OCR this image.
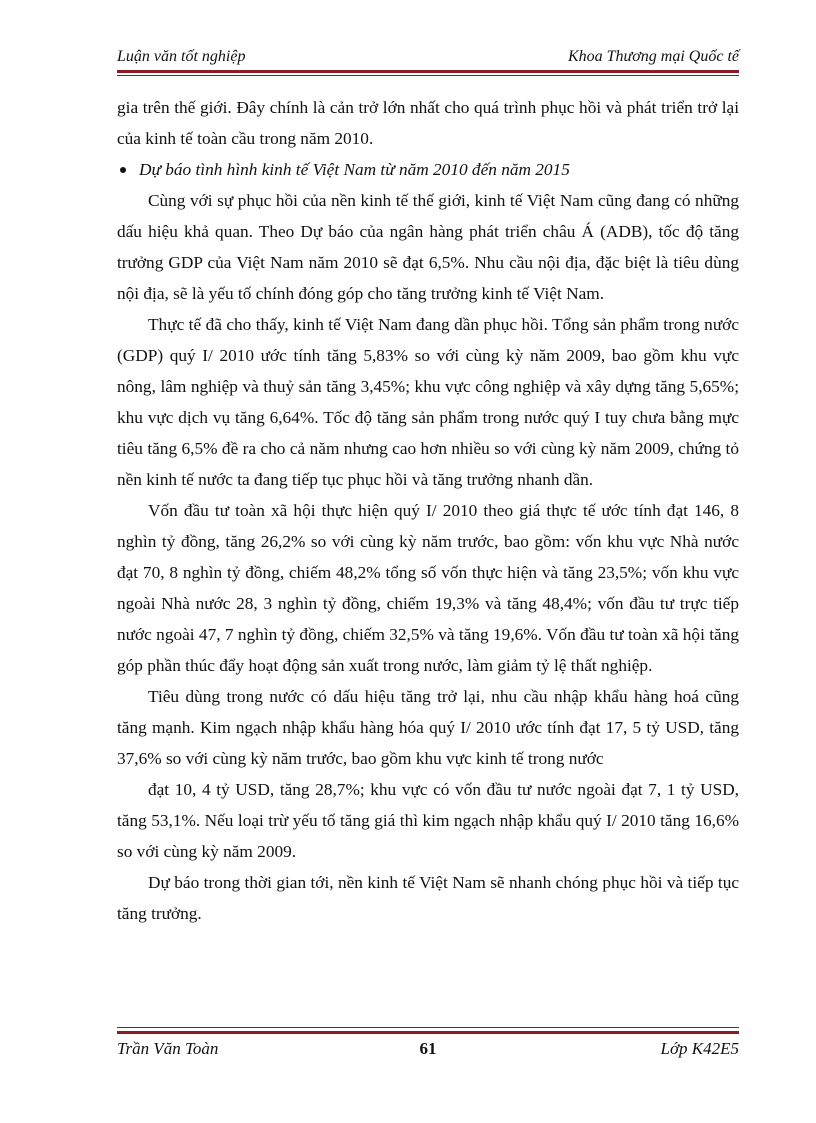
Luận văn tốt nghiệp	Khoa Thương mại Quốc tế

gia trên thế giới. Đây chính là cản trở lớn nhất cho quá trình phục hồi và phát triển trở lại của kinh tế toàn cầu trong năm 2010.

Dự báo tình hình kinh tế Việt Nam từ năm 2010 đến năm 2015

Cùng với sự phục hồi của nền kinh tế thế giới, kinh tế Việt Nam cũng đang có những dấu hiệu khả quan. Theo Dự báo của ngân hàng phát triển châu Á (ADB), tốc độ tăng trưởng GDP của Việt Nam năm 2010 sẽ đạt 6,5%. Nhu cầu nội địa, đặc biệt là tiêu dùng nội địa, sẽ là yếu tố chính đóng góp cho tăng trưởng kinh tế Việt Nam.

Thực tế đã cho thấy, kinh tế Việt Nam đang dần phục hồi. Tổng sản phẩm trong nước (GDP) quý I/ 2010 ước tính tăng 5,83% so với cùng kỳ năm 2009, bao gồm khu vực nông, lâm nghiệp và thuỷ sản tăng 3,45%; khu vực công nghiệp và xây dựng tăng 5,65%; khu vực dịch vụ tăng 6,64%. Tốc độ tăng sản phẩm trong nước quý I tuy chưa bằng mực tiêu tăng 6,5% đề ra cho cả năm nhưng cao hơn nhiều so với cùng kỳ năm 2009, chứng tỏ nền kinh tế nước ta đang tiếp tục phục hồi và tăng trưởng nhanh dần.

Vốn đầu tư toàn xã hội thực hiện quý I/ 2010 theo giá thực tế ước tính đạt 146, 8 nghìn tỷ đồng, tăng 26,2% so với cùng kỳ năm trước, bao gồm: vốn khu vực Nhà nước đạt 70, 8 nghìn tỷ đồng, chiếm 48,2% tổng số vốn thực hiện và tăng 23,5%; vốn khu vực ngoài Nhà nước 28, 3 nghìn tỷ đồng, chiếm 19,3% và tăng 48,4%; vốn đầu tư trực tiếp nước ngoài 47, 7 nghìn tỷ đồng, chiếm 32,5% và tăng 19,6%. Vốn đầu tư toàn xã hội tăng góp phần thúc đẩy hoạt động sản xuất trong nước, làm giảm tỷ lệ thất nghiệp.

Tiêu dùng trong nước có dấu hiệu tăng trở lại, nhu cầu nhập khẩu hàng hoá cũng tăng mạnh. Kim ngạch nhập khẩu hàng hóa quý I/ 2010 ước tính đạt 17, 5 tỷ USD, tăng 37,6% so với cùng kỳ năm trước, bao gồm khu vực kinh tế trong nước

đạt 10, 4 tỷ USD, tăng 28,7%; khu vực có vốn đầu tư nước ngoài đạt 7, 1 tỷ USD, tăng 53,1%. Nếu loại trừ yếu tố tăng giá thì kim ngạch nhập khẩu quý I/ 2010 tăng 16,6% so với cùng kỳ năm 2009.

Dự báo trong thời gian tới, nền kinh tế Việt Nam sẽ nhanh chóng phục hồi và tiếp tục tăng trưởng.

Trần Văn Toàn	61	Lớp K42E5
